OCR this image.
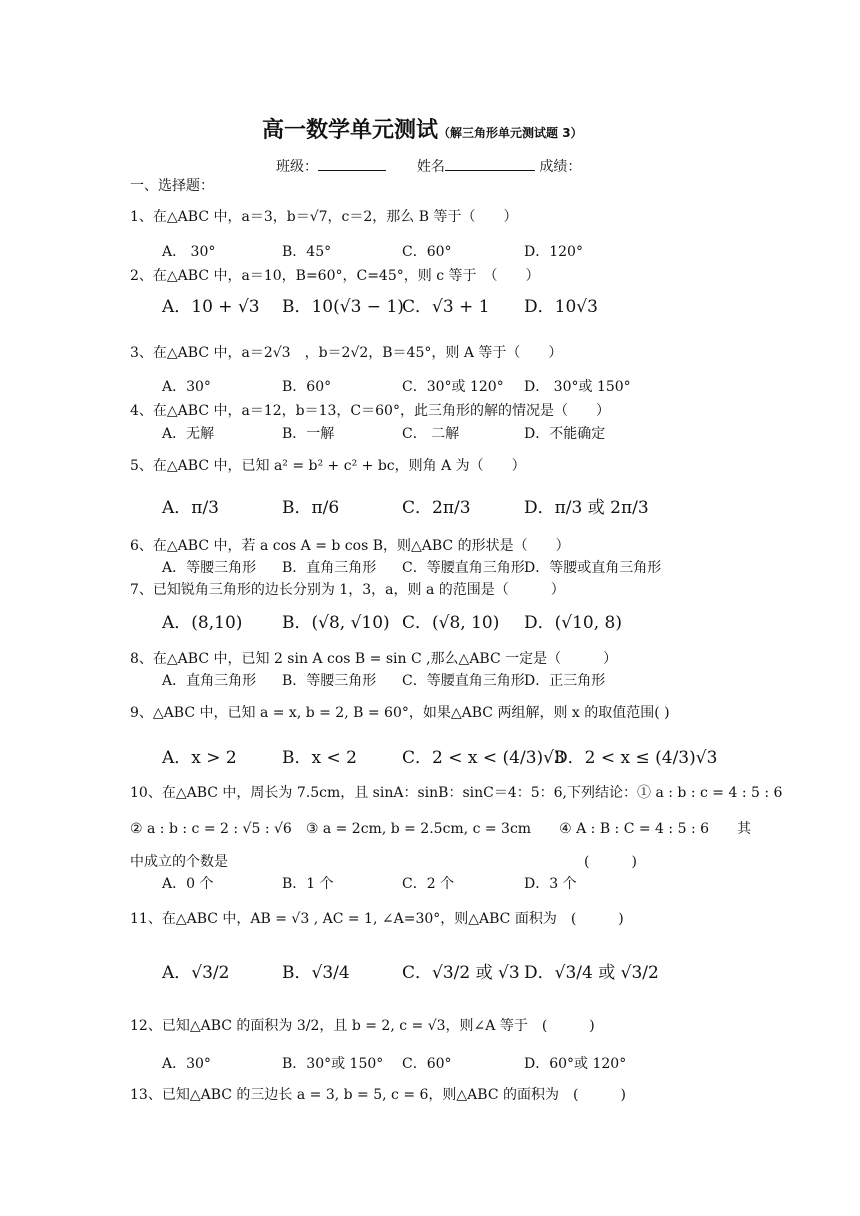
高一数学单元测试（解三角形单元测试题 3）
班级：	姓名	成绩：
一、选择题：
1、在△ABC 中，a＝3，b＝√7，c＝2，那么 B 等于（　　）
A． 30°	B．45°	C．60°	D．120°
2、在△ABC 中，a＝10，B=60°，C=45°，则 c 等于　（　　）
A．10 + √3 B．10(√3 − 1)
C．√3 + 1 D．10√3
3、在△ABC 中，a＝2√3　，b＝2√2，B＝45°，则 A 等于（　　）
A．30°	B．60°	C．30°或 120° D． 30°或 150°
4、在△ABC 中，a＝12，b＝13，C＝60°，此三角形的解的情况是（　　）
A．无解	B．一解	C． 二解	D．不能确定
5、在△ABC 中，已知 a² = b² + c² + bc，则角 A 为（　　）
A．π/3	B．π/6	C．2π/3	D．π/3 或 2π/3
6、在△ABC 中，若 a cos A = b cos B，则△ABC 的形状是（　　）
A．等腰三角形 B．直角三角形 C．等腰直角三角形 D．等腰或直角三角形
7、已知锐角三角形的边长分别为 1，3，a，则 a 的范围是（　　　）
A．(8,10) B．(√8, √10) C．(√8, 10) D．(√10, 8)
8、在△ABC 中，已知 2 sin A cos B = sin C ,那么△ABC 一定是（　　　）
A．直角三角形 B．等腰三角形 C．等腰直角三角形 D．正三角形
9、△ABC 中，已知 a = x, b = 2, B = 60°，如果△ABC 两组解，则 x 的取值范围( )
A．x > 2	B．x < 2	C．2 < x < (4/3)√3
D．2 < x ≤ (4/3)√3
10、在△ABC 中，周长为 7.5cm，且 sinA：sinB：sinC＝4：5：6,下列结论：① a : b : c = 4 : 5 : 6
② a : b : c = 2 : √5 : √6　③ a = 2cm, b = 2.5cm, c = 3cm　　④ A : B : C = 4 : 5 : 6　　其
中成立的个数是	(　　　)
A．0 个	B．1 个	C．2 个	D．3 个
11、在△ABC 中，AB = √3 , AC = 1, ∠A=30°，则△ABC 面积为　(　　　)
A．√3/2	B．√3/4	C．√3/2 或 √3 D．√3/4 或 √3/2
12、已知△ABC 的面积为 3/2，且 b = 2, c = √3，则∠A 等于　(　　　)
A．30°	B．30°或 150° C．60°	D．60°或 120°
13、已知△ABC 的三边长 a = 3, b = 5, c = 6，则△ABC 的面积为　(　　　)
